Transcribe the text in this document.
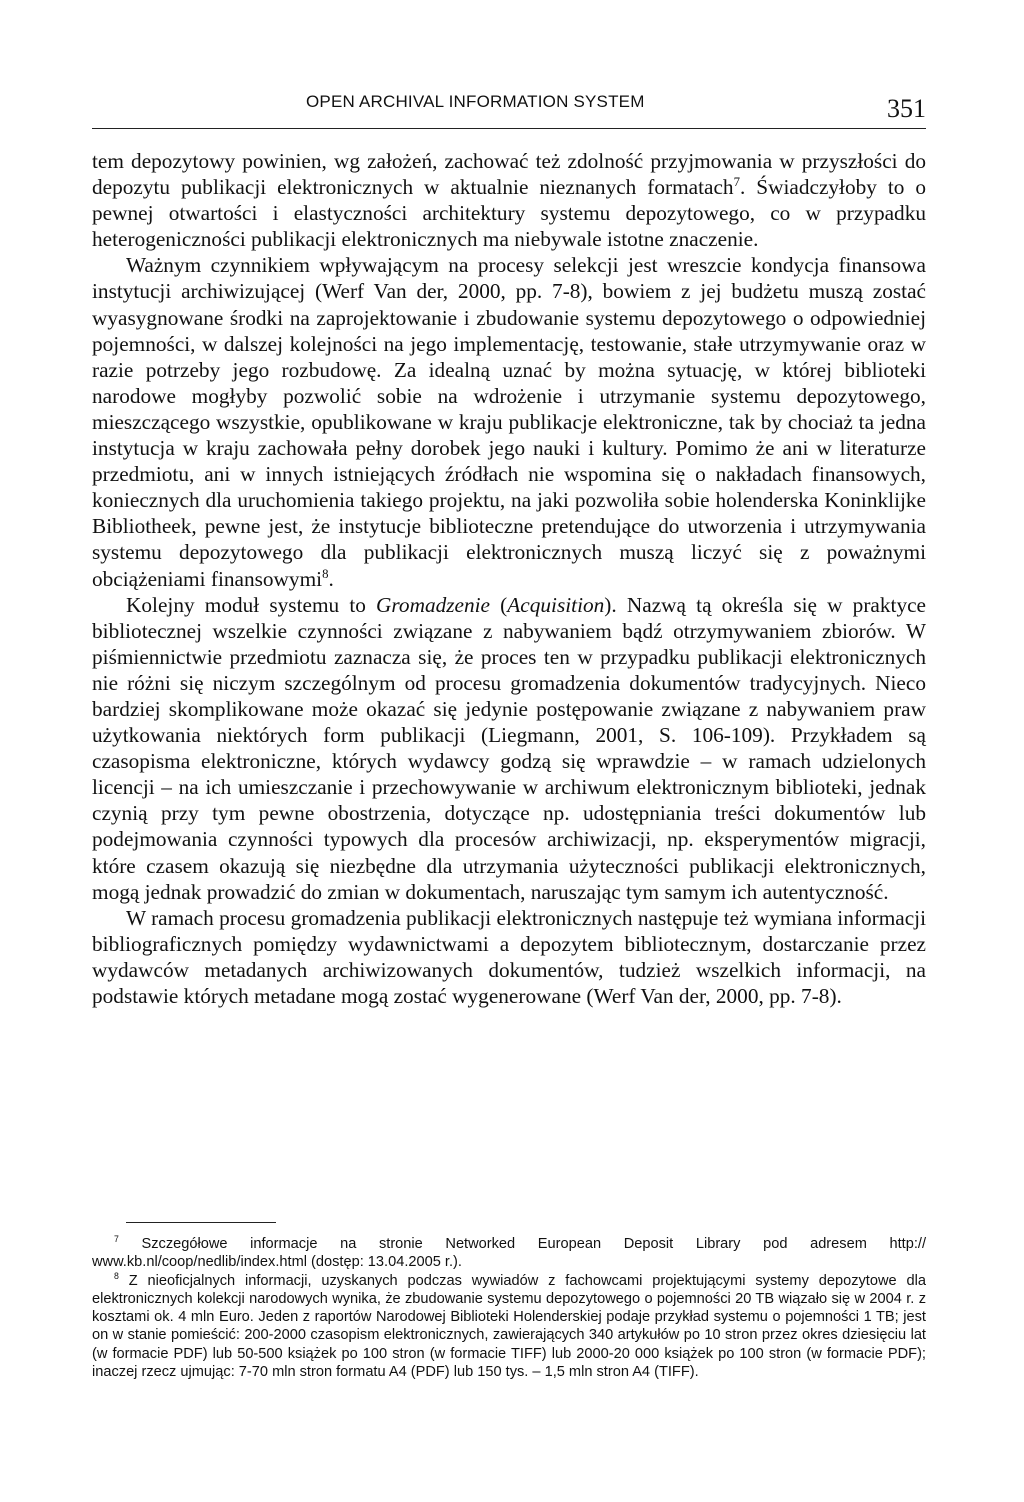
OPEN ARCHIVAL INFORMATION SYSTEM	351

tem depozytowy powinien, wg założeń, zachować też zdolność przyjmowania w przyszłości do depozytu publikacji elektronicznych w aktualnie nieznanych formatach$^7$. Świadczyłoby to o pewnej otwartości i elastyczności architektury systemu depozytowego, co w przypadku heterogeniczności publikacji elektronicznych ma niebywale istotne znaczenie.

Ważnym czynnikiem wpływającym na procesy selekcji jest wreszcie kondycja finansowa instytucji archiwizującej (Werf Van der, 2000, pp. 7-8), bowiem z jej budżetu muszą zostać wyasygnowane środki na zaprojektowanie i zbudowanie systemu depozytowego o odpowiedniej pojemności, w dalszej kolejności na jego implementację, testowanie, stałe utrzymywanie oraz w razie potrzeby jego rozbudowę. Za idealną uznać by można sytuację, w której biblioteki narodowe mogłyby pozwolić sobie na wdrożenie i utrzymanie systemu depozytowego, mieszczącego wszystkie, opublikowane w kraju publikacje elektroniczne, tak by chociaż ta jedna instytucja w kraju zachowała pełny dorobek jego nauki i kultury. Pomimo że ani w literaturze przedmiotu, ani w innych istniejących źródłach nie wspomina się o nakładach finansowych, koniecznych dla uruchomienia takiego projektu, na jaki pozwoliła sobie holenderska Koninklijke Bibliotheek, pewne jest, że instytucje biblioteczne pretendujące do utworzenia i utrzymywania systemu depozytowego dla publikacji elektronicznych muszą liczyć się z poważnymi obciążeniami finansowymi$^8$.

Kolejny moduł systemu to Gromadzenie (Acquisition). Nazwą tą określa się w praktyce bibliotecznej wszelkie czynności związane z nabywaniem bądź otrzymywaniem zbiorów. W piśmiennictwie przedmiotu zaznacza się, że proces ten w przypadku publikacji elektronicznych nie różni się niczym szczególnym od procesu gromadzenia dokumentów tradycyjnych. Nieco bardziej skomplikowane może okazać się jedynie postępowanie związane z nabywaniem praw użytkowania niektórych form publikacji (Liegmann, 2001, S. 106-109). Przykładem są czasopisma elektroniczne, których wydawcy godzą się wprawdzie – w ramach udzielonych licencji – na ich umieszczanie i przechowywanie w archiwum elektronicznym biblioteki, jednak czynią przy tym pewne obostrzenia, dotyczące np. udostępniania treści dokumentów lub podejmowania czynności typowych dla procesów archiwizacji, np. eksperymentów migracji, które czasem okazują się niezbędne dla utrzymania użyteczności publikacji elektronicznych, mogą jednak prowadzić do zmian w dokumentach, naruszając tym samym ich autentyczność.

W ramach procesu gromadzenia publikacji elektronicznych następuje też wymiana informacji bibliograficznych pomiędzy wydawnictwami a depozytem bibliotecznym, dostarczanie przez wydawców metadanych archiwizowanych dokumentów, tudzież wszelkich informacji, na podstawie których metadane mogą zostać wygenerowane (Werf Van der, 2000, pp. 7-8).

$^7$ Szczegółowe informacje na stronie Networked European Deposit Library pod adresem http:// www.kb.nl/coop/nedlib/index.html (dostęp: 13.04.2005 r.).

$^8$ Z nieoficjalnych informacji, uzyskanych podczas wywiadów z fachowcami projektującymi systemy depozytowe dla elektronicznych kolekcji narodowych wynika, że zbudowanie systemu depozytowego o pojemności 20 TB wiązało się w 2004 r. z kosztami ok. 4 mln Euro. Jeden z raportów Narodowej Biblioteki Holenderskiej podaje przykład systemu o pojemności 1 TB; jest on w stanie pomieścić: 200-2000 czasopism elektronicznych, zawierających 340 artykułów po 10 stron przez okres dziesięciu lat (w formacie PDF) lub 50-500 książek po 100 stron (w formacie TIFF) lub 2000-20 000 książek po 100 stron (w formacie PDF); inaczej rzecz ujmując: 7-70 mln stron formatu A4 (PDF) lub 150 tys. – 1,5 mln stron A4 (TIFF).
